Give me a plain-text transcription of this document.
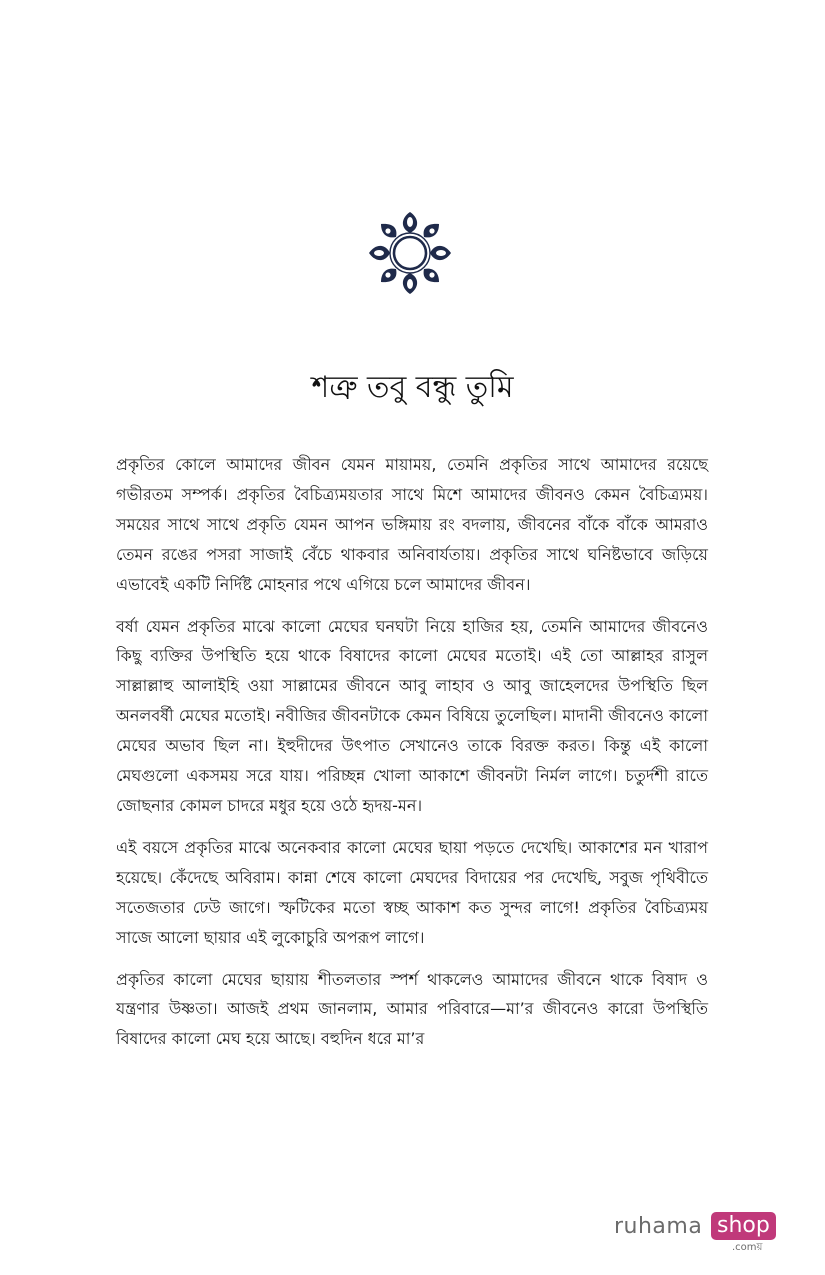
শত্রু তবু বন্ধু তুমি

প্রকৃতির কোলে আমাদের জীবন যেমন মায়াময়, তেমনি প্রকৃতির সাথে আমাদের রয়েছে গভীরতম সম্পর্ক। প্রকৃতির বৈচিত্র্যময়তার সাথে মিশে আমাদের জীবনও কেমন বৈচিত্র্যময়। সময়ের সাথে সাথে প্রকৃতি যেমন আপন ভঙ্গিমায় রং বদলায়, জীবনের বাঁকে বাঁকে আমরাও তেমন রঙের পসরা সাজাই বেঁচে থাকবার অনিবার্যতায়। প্রকৃতির সাথে ঘনিষ্টভাবে জড়িয়ে এভাবেই একটি নির্দিষ্ট মোহনার পথে এগিয়ে চলে আমাদের জীবন।

বর্ষা যেমন প্রকৃতির মাঝে কালো মেঘের ঘনঘটা নিয়ে হাজির হয়, তেমনি আমাদের জীবনেও কিছু ব্যক্তির উপস্থিতি হয়ে থাকে বিষাদের কালো মেঘের মতোই। এই তো আল্লাহর রাসুল সাল্লাল্লাহু আলাইহি ওয়া সাল্লামের জীবনে আবু লাহাব ও আবু জাহেলদের উপস্থিতি ছিল অনলবর্ষী মেঘের মতোই। নবীজির জীবনটাকে কেমন বিষিয়ে তুলেছিল। মাদানী জীবনেও কালো মেঘের অভাব ছিল না। ইহুদীদের উৎপাত সেখানেও তাকে বিরক্ত করত। কিন্তু এই কালো মেঘগুলো একসময় সরে যায়। পরিচ্ছন্ন খোলা আকাশে জীবনটা নির্মল লাগে। চতুর্দশী রাতে জোছনার কোমল চাদরে মধুর হয়ে ওঠে হৃদয়-মন।

এই বয়সে প্রকৃতির মাঝে অনেকবার কালো মেঘের ছায়া পড়তে দেখেছি। আকাশের মন খারাপ হয়েছে। কেঁদেছে অবিরাম। কান্না শেষে কালো মেঘদের বিদায়ের পর দেখেছি, সবুজ পৃথিবীতে সতেজতার ঢেউ জাগে। স্ফটিকের মতো স্বচ্ছ আকাশ কত সুন্দর লাগে! প্রকৃতির বৈচিত্র্যময় সাজে আলো ছায়ার এই লুকোচুরি অপরূপ লাগে।

প্রকৃতির কালো মেঘের ছায়ায় শীতলতার স্পর্শ থাকলেও আমাদের জীবনে থাকে বিষাদ ও যন্ত্রণার উষ্ণতা। আজই প্রথম জানলাম, আমার পরিবারে—মা’র জীবনেও কারো উপস্থিতি বিষাদের কালো মেঘ হয়ে আছে। বহুদিন ধরে মা’র

ruhama shop
.comয়
